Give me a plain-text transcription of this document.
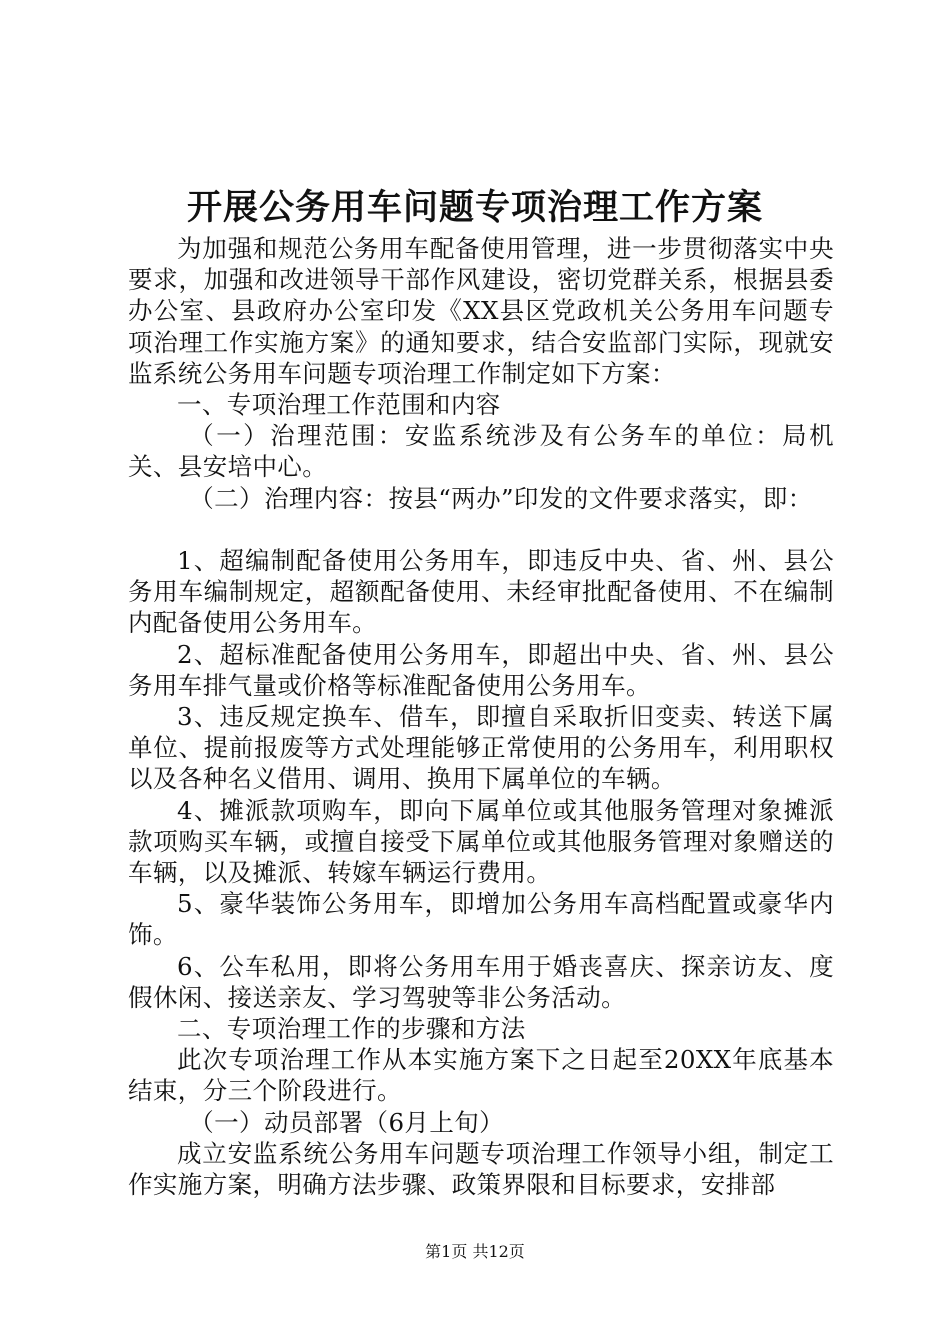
开展公务用车问题专项治理工作方案

为加强和规范公务用车配备使用管理，进一步贯彻落实中央要求，加强和改进领导干部作风建设，密切党群关系，根据县委办公室、县政府办公室印发《XX县区党政机关公务用车问题专项治理工作实施方案》的通知要求，结合安监部门实际，现就安监系统公务用车问题专项治理工作制定如下方案：

一、专项治理工作范围和内容

（一）治理范围：安监系统涉及有公务车的单位：局机关、县安培中心。

（二）治理内容：按县“两办”印发的文件要求落实，即：

1、超编制配备使用公务用车，即违反中央、省、州、县公务用车编制规定，超额配备使用、未经审批配备使用、不在编制内配备使用公务用车。

2、超标准配备使用公务用车，即超出中央、省、州、县公务用车排气量或价格等标准配备使用公务用车。

3、违反规定换车、借车，即擅自采取折旧变卖、转送下属单位、提前报废等方式处理能够正常使用的公务用车，利用职权以及各种名义借用、调用、换用下属单位的车辆。

4、摊派款项购车，即向下属单位或其他服务管理对象摊派款项购买车辆，或擅自接受下属单位或其他服务管理对象赠送的车辆，以及摊派、转嫁车辆运行费用。

5、豪华装饰公务用车，即增加公务用车高档配置或豪华内饰。

6、公车私用，即将公务用车用于婚丧喜庆、探亲访友、度假休闲、接送亲友、学习驾驶等非公务活动。

二、专项治理工作的步骤和方法

此次专项治理工作从本实施方案下之日起至20XX年底基本结束，分三个阶段进行。

（一）动员部署（6月上旬）

成立安监系统公务用车问题专项治理工作领导小组，制定工作实施方案，明确方法步骤、政策界限和目标要求，安排部

第1页 共12页
